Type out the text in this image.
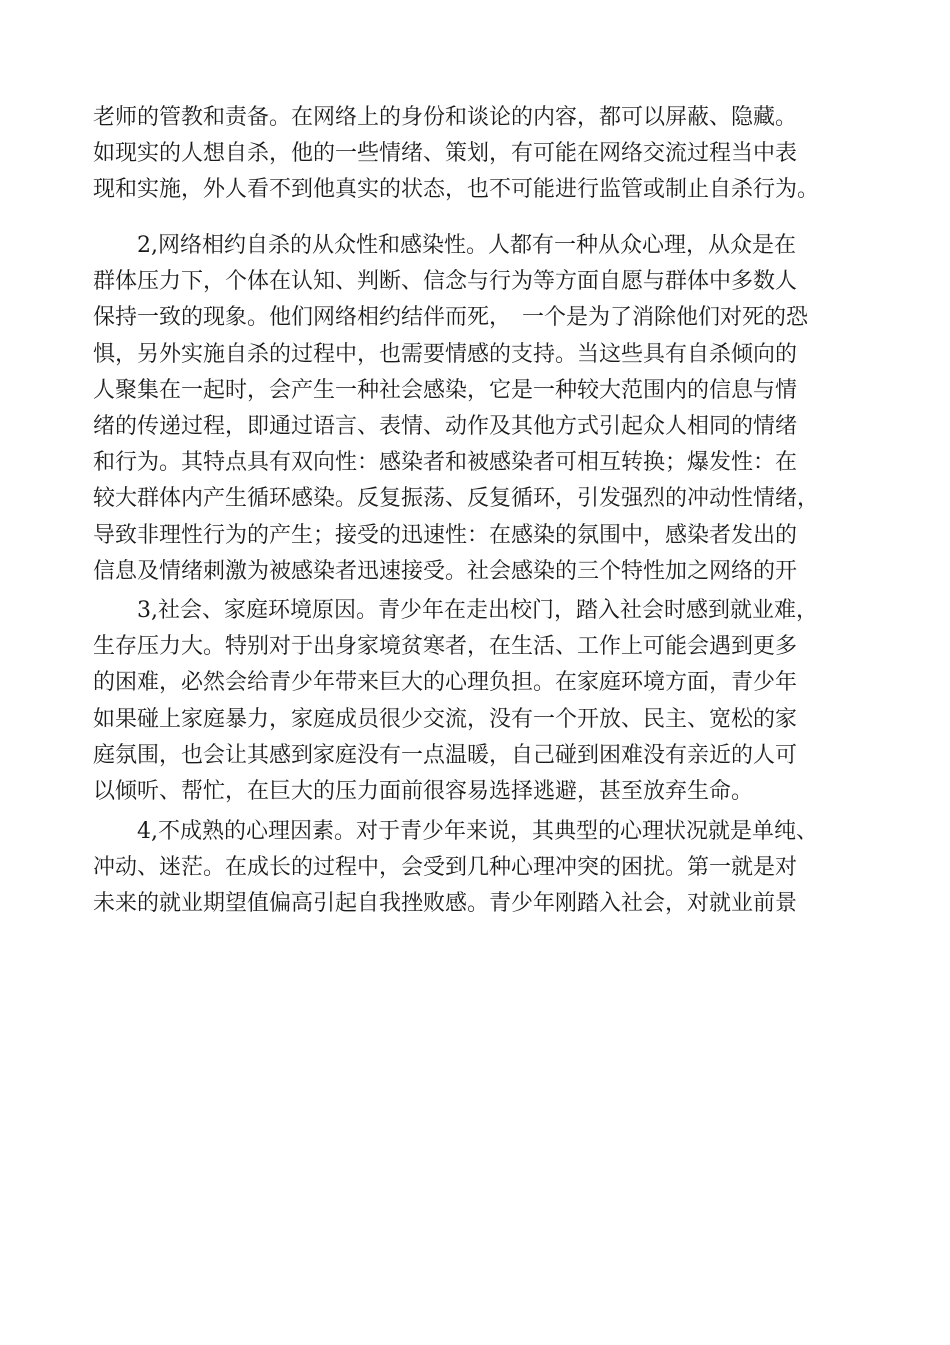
老师的管教和责备。在网络上的身份和谈论的内容，都可以屏蔽、隐藏。
如现实的人想自杀，他的一些情绪、策划，有可能在网络交流过程当中表
现和实施，外人看不到他真实的状态，也不可能进行监管或制止自杀行为。
2,网络相约自杀的从众性和感染性。人都有一种从众心理，从众是在
群体压力下，个体在认知、判断、信念与行为等方面自愿与群体中多数人
保持一致的现象。他们网络相约结伴而死，　一个是为了消除他们对死的恐
惧，另外实施自杀的过程中，也需要情感的支持。当这些具有自杀倾向的
人聚集在一起时，会产生一种社会感染，它是一种较大范围内的信息与情
绪的传递过程，即通过语言、表情、动作及其他方式引起众人相同的情绪
和行为。其特点具有双向性：感染者和被感染者可相互转换；爆发性：在
较大群体内产生循环感染。反复振荡、反复循环，引发强烈的冲动性情绪，
导致非理性行为的产生；接受的迅速性：在感染的氛围中，感染者发出的
信息及情绪刺激为被感染者迅速接受。社会感染的三个特性加之网络的开
3,社会、家庭环境原因。青少年在走出校门，踏入社会时感到就业难，
生存压力大。特别对于出身家境贫寒者，在生活、工作上可能会遇到更多
的困难，必然会给青少年带来巨大的心理负担。在家庭环境方面，青少年
如果碰上家庭暴力，家庭成员很少交流，没有一个开放、民主、宽松的家
庭氛围，也会让其感到家庭没有一点温暖，自己碰到困难没有亲近的人可
以倾听、帮忙，在巨大的压力面前很容易选择逃避，甚至放弃生命。
4,不成熟的心理因素。对于青少年来说，其典型的心理状况就是单纯、
冲动、迷茫。在成长的过程中，会受到几种心理冲突的困扰。第一就是对
未来的就业期望值偏高引起自我挫败感。青少年刚踏入社会，对就业前景
